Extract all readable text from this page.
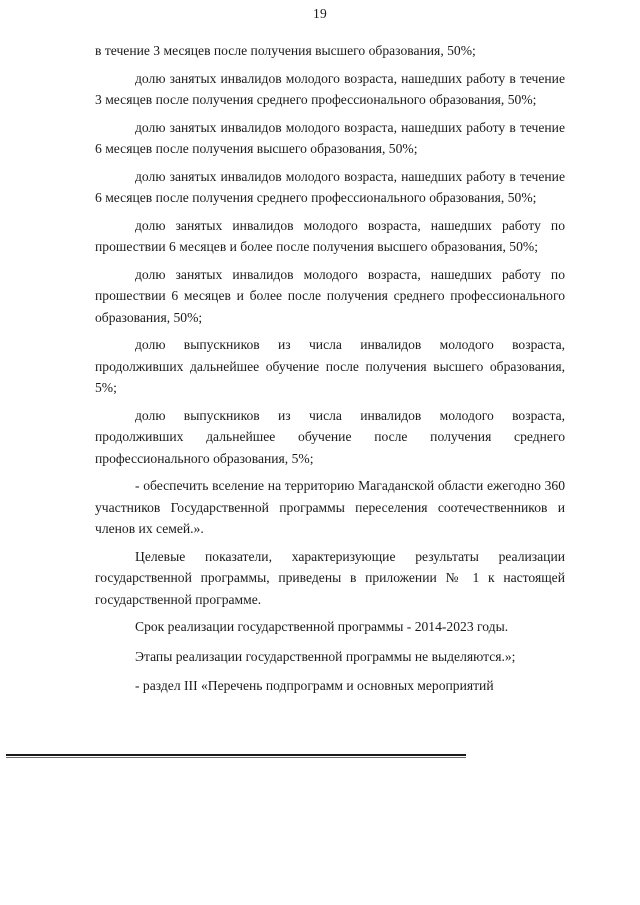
19

в течение 3 месяцев после получения высшего образования, 50%;

долю занятых инвалидов молодого возраста, нашедших работу в течение 3 месяцев после получения среднего профессионального образования, 50%;

долю занятых инвалидов молодого возраста, нашедших работу в течение 6 месяцев после получения высшего образования, 50%;

долю занятых инвалидов молодого возраста, нашедших работу в течение 6 месяцев после получения среднего профессионального образования, 50%;

долю занятых инвалидов молодого возраста, нашедших работу по прошествии 6 месяцев и более после получения высшего образования, 50%;

долю занятых инвалидов молодого возраста, нашедших работу по прошествии 6 месяцев и более после получения среднего профессионального образования, 50%;

долю выпускников из числа инвалидов молодого возраста, продолживших дальнейшее обучение после получения высшего образования, 5%;

долю выпускников из числа инвалидов молодого возраста, продолживших дальнейшее обучение после получения среднего профессионального образования, 5%;

- обеспечить вселение на территорию Магаданской области ежегодно 360 участников Государственной программы переселения соотечественников и членов их семей.».

Целевые показатели, характеризующие результаты реализации государственной программы, приведены в приложении № 1 к настоящей государственной программе.

Срок реализации государственной программы - 2014-2023 годы.

Этапы реализации государственной программы не выделяются.»;

- раздел III «Перечень подпрограмм и основных мероприятий
